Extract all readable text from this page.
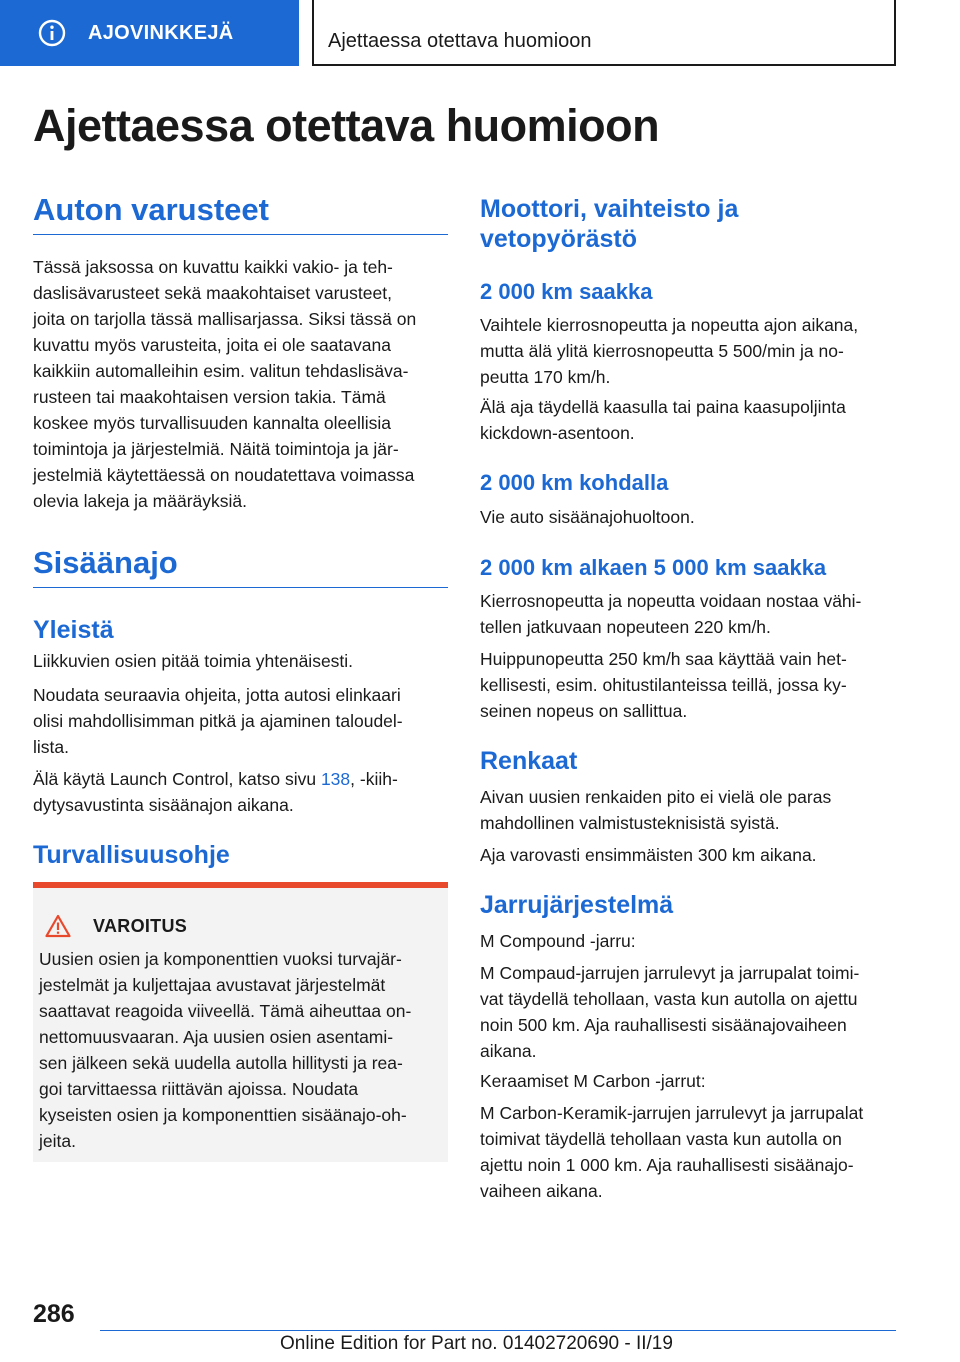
AJOVINKKEJÄ	Ajettaessa otettava huomioon
Ajettaessa otettava huomioon
Auton varusteet
Tässä jaksossa on kuvattu kaikki vakio- ja teh-
daslisävarusteet sekä maakohtaiset varusteet,
joita on tarjolla tässä mallisarjassa. Siksi tässä on
kuvattu myös varusteita, joita ei ole saatavana
kaikkiin automalleihin esim. valitun tehdaslisäva-
rusteen tai maakohtaisen version takia. Tämä
koskee myös turvallisuuden kannalta oleellisia
toimintoja ja järjestelmiä. Näitä toimintoja ja jär-
jestelmiä käytettäessä on noudatettava voimassa
olevia lakeja ja määräyksiä.
Sisäänajo
Yleistä
Liikkuvien osien pitää toimia yhtenäisesti.
Noudata seuraavia ohjeita, jotta autosi elinkaari
olisi mahdollisimman pitkä ja ajaminen taloudel-
lista.
Älä käytä Launch Control, katso sivu 138, -kiih-
dytysavustinta sisäänajon aikana.
Turvallisuusohje
VAROITUS
Uusien osien ja komponenttien vuoksi turvajär-
jestelmät ja kuljettajaa avustavat järjestelmät
saattavat reagoida viiveellä. Tämä aiheuttaa on-
nettomuusvaaran. Aja uusien osien asentami-
sen jälkeen sekä uudella autolla hillitysti ja rea-
goi tarvittaessa riittävän ajoissa. Noudata
kyseisten osien ja komponenttien sisäänajo-oh-
jeita.
Moottori, vaihteisto ja
vetopyörästö
2 000 km saakka
Vaihtele kierrosnopeutta ja nopeutta ajon aikana,
mutta älä ylitä kierrosnopeutta 5 500/min ja no-
peutta 170 km/h.
Älä aja täydellä kaasulla tai paina kaasupoljinta
kickdown-asentoon.
2 000 km kohdalla
Vie auto sisäänajohuoltoon.
2 000 km alkaen 5 000 km saakka
Kierrosnopeutta ja nopeutta voidaan nostaa vähi-
tellen jatkuvaan nopeuteen 220 km/h.
Huippunopeutta 250 km/h saa käyttää vain het-
kellisesti, esim. ohitustilanteissa teillä, jossa ky-
seinen nopeus on sallittua.
Renkaat
Aivan uusien renkaiden pito ei vielä ole paras
mahdollinen valmistusteknisistä syistä.
Aja varovasti ensimmäisten 300 km aikana.
Jarrujärjestelmä
M Compound -jarru:
M Compaud-jarrujen jarrulevyt ja jarrupalat toimi-
vat täydellä tehollaan, vasta kun autolla on ajettu
noin 500 km. Aja rauhallisesti sisäänajovaiheen
aikana.
Keraamiset M Carbon -jarrut:
M Carbon-Keramik-jarrujen jarrulevyt ja jarrupalat
toimivat täydellä tehollaan vasta kun autolla on
ajettu noin 1 000 km. Aja rauhallisesti sisäänajo-
vaiheen aikana.
286
Online Edition for Part no. 01402720690 - II/19
